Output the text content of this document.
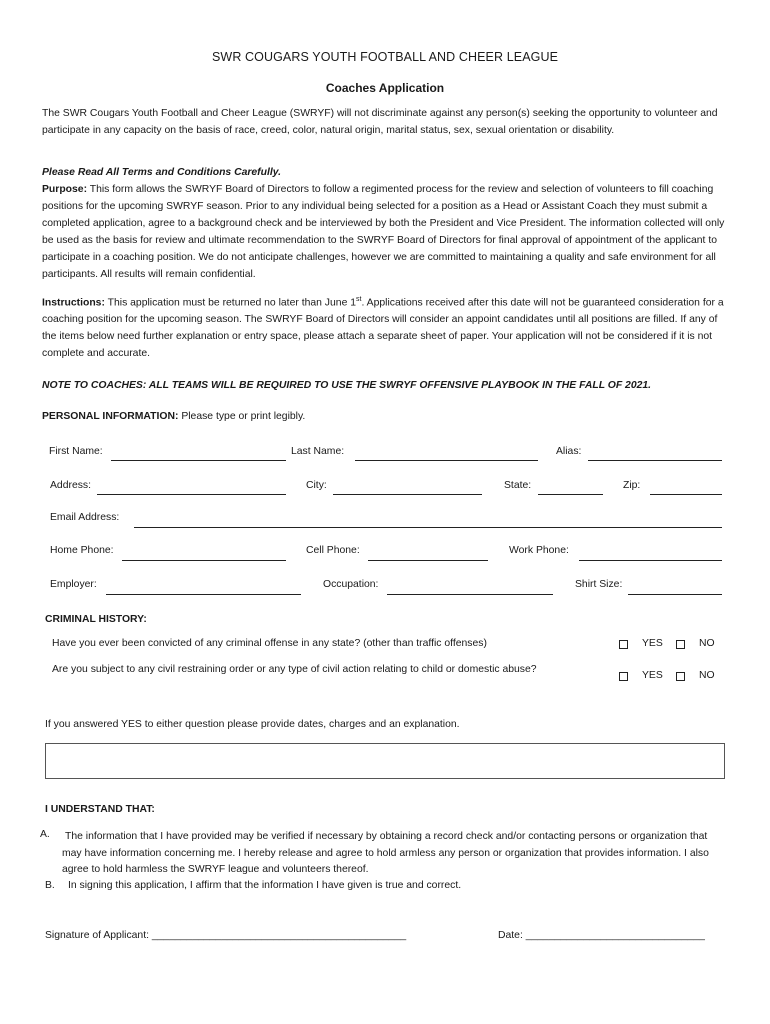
SWR COUGARS YOUTH FOOTBALL AND CHEER LEAGUE
Coaches Application
The SWR Cougars Youth Football and Cheer League (SWRYF) will not discriminate against any person(s) seeking the opportunity to volunteer and participate in any capacity on the basis of race, creed, color, natural origin, marital status, sex, sexual orientation or disability.
Please Read All Terms and Conditions Carefully.
Purpose: This form allows the SWRYF Board of Directors to follow a regimented process for the review and selection of volunteers to fill coaching positions for the upcoming SWRYF season. Prior to any individual being selected for a position as a Head or Assistant Coach they must submit a completed application, agree to a background check and be interviewed by both the President and Vice President. The information collected will only be used as the basis for review and ultimate recommendation to the SWRYF Board of Directors for final approval of appointment of the applicant to participate in a coaching position. We do not anticipate challenges, however we are committed to maintaining a quality and safe environment for all participants. All results will remain confidential.
Instructions: This application must be returned no later than June 1st. Applications received after this date will not be guaranteed consideration for a coaching position for the upcoming season. The SWRYF Board of Directors will consider an appoint candidates until all positions are filled. If any of the items below need further explanation or entry space, please attach a separate sheet of paper. Your application will not be considered if it is not complete and accurate.
NOTE TO COACHES: ALL TEAMS WILL BE REQUIRED TO USE THE SWRYF OFFENSIVE PLAYBOOK IN THE FALL OF 2021.
PERSONAL INFORMATION: Please type or print legibly.
First Name:	Last Name:	Alias:
Address:	City:	State:	Zip:
Email Address:
Home Phone:	Cell Phone:	Work Phone:
Employer:	Occupation:	Shirt Size:
CRIMINAL HISTORY:
Have you ever been convicted of any criminal offense in any state? (other than traffic offenses)	YES	NO
Are you subject to any civil restraining order or any type of civil action relating to child or domestic abuse?
YES	NO
If you answered YES to either question please provide dates, charges and an explanation.
I UNDERSTAND THAT:
A. The information that I have provided may be verified if necessary by obtaining a record check and/or contacting persons or organization that may have information concerning me. I hereby release and agree to hold armless any person or organization that provides information. I also agree to hold harmless the SWRYF league and volunteers thereof.
B. In signing this application, I affirm that the information I have given is true and correct.
Signature of Applicant: ____________________________________________	Date: _______________________________
